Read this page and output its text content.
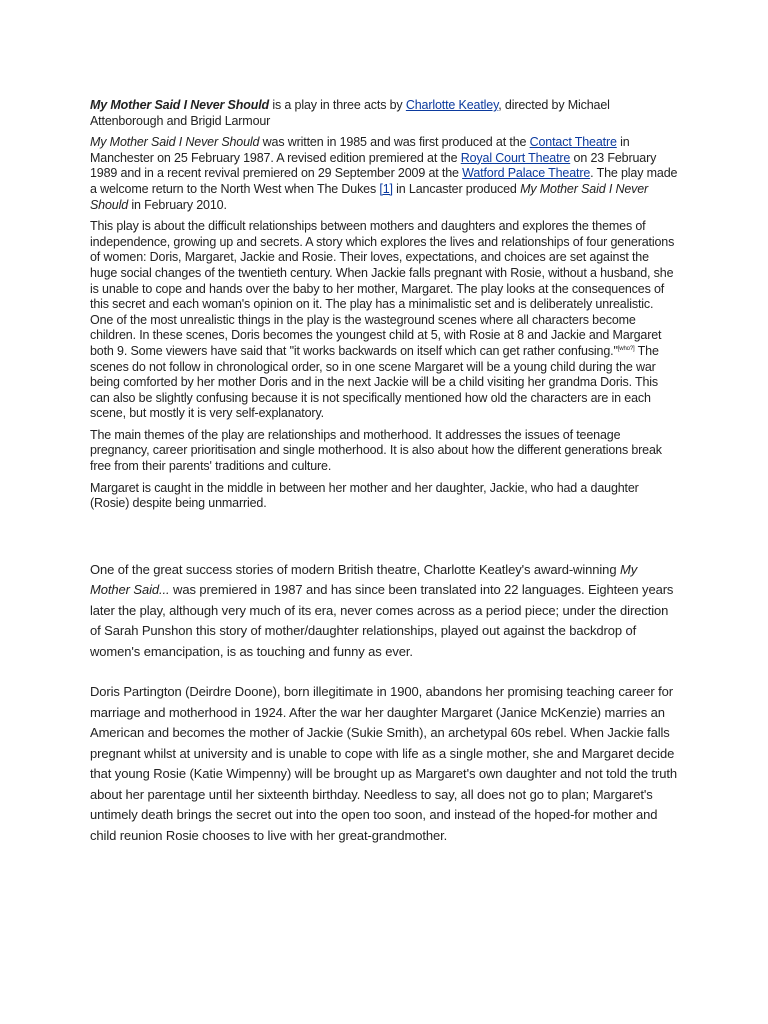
My Mother Said I Never Should is a play in three acts by Charlotte Keatley, directed by Michael Attenborough and Brigid Larmour

My Mother Said I Never Should was written in 1985 and was first produced at the Contact Theatre in Manchester on 25 February 1987. A revised edition premiered at the Royal Court Theatre on 23 February 1989 and in a recent revival premiered on 29 September 2009 at the Watford Palace Theatre. The play made a welcome return to the North West when The Dukes [1] in Lancaster produced My Mother Said I Never Should in February 2010.

This play is about the difficult relationships between mothers and daughters and explores the themes of independence, growing up and secrets. A story which explores the lives and relationships of four generations of women: Doris, Margaret, Jackie and Rosie. Their loves, expectations, and choices are set against the huge social changes of the twentieth century. When Jackie falls pregnant with Rosie, without a husband, she is unable to cope and hands over the baby to her mother, Margaret. The play looks at the consequences of this secret and each woman's opinion on it. The play has a minimalistic set and is deliberately unrealistic. One of the most unrealistic things in the play is the wasteground scenes where all characters become children. In these scenes, Doris becomes the youngest child at 5, with Rosie at 8 and Jackie and Margaret both 9. Some viewers have said that "it works backwards on itself which can get rather confusing."[who?] The scenes do not follow in chronological order, so in one scene Margaret will be a young child during the war being comforted by her mother Doris and in the next Jackie will be a child visiting her grandma Doris. This can also be slightly confusing because it is not specifically mentioned how old the characters are in each scene, but mostly it is very self-explanatory.

The main themes of the play are relationships and motherhood. It addresses the issues of teenage pregnancy, career prioritisation and single motherhood. It is also about how the different generations break free from their parents' traditions and culture.

Margaret is caught in the middle in between her mother and her daughter, Jackie, who had a daughter (Rosie) despite being unmarried.

One of the great success stories of modern British theatre, Charlotte Keatley's award-winning My Mother Said... was premiered in 1987 and has since been translated into 22 languages. Eighteen years later the play, although very much of its era, never comes across as a period piece; under the direction of Sarah Punshon this story of mother/daughter relationships, played out against the backdrop of women's emancipation, is as touching and funny as ever.

Doris Partington (Deirdre Doone), born illegitimate in 1900, abandons her promising teaching career for marriage and motherhood in 1924. After the war her daughter Margaret (Janice McKenzie) marries an American and becomes the mother of Jackie (Sukie Smith), an archetypal 60s rebel. When Jackie falls pregnant whilst at university and is unable to cope with life as a single mother, she and Margaret decide that young Rosie (Katie Wimpenny) will be brought up as Margaret's own daughter and not told the truth about her parentage until her sixteenth birthday. Needless to say, all does not go to plan; Margaret's untimely death brings the secret out into the open too soon, and instead of the hoped-for mother and child reunion Rosie chooses to live with her great-grandmother.
